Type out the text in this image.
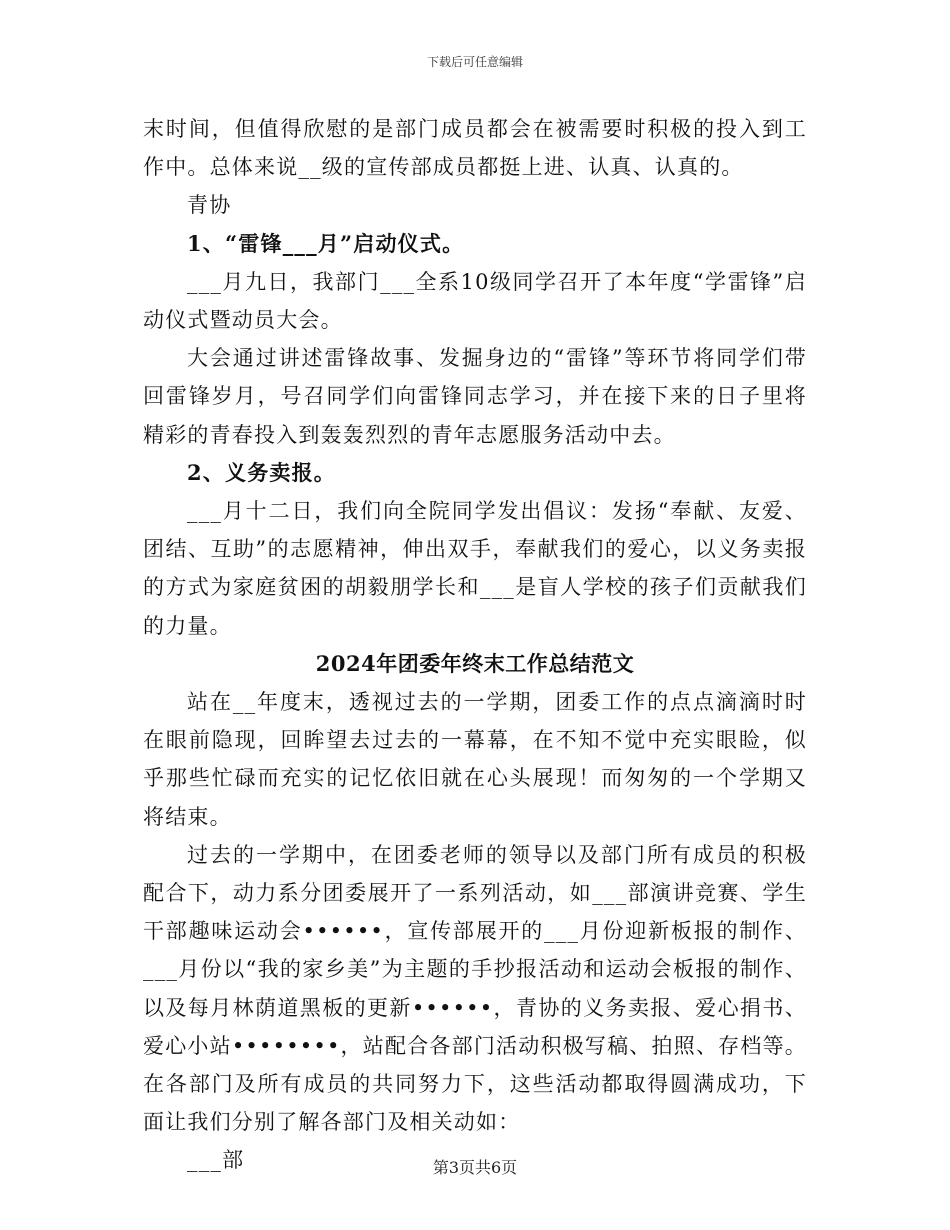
下载后可任意编辑

末时间，但值得欣慰的是部门成员都会在被需要时积极的投入到工作中。总体来说__级的宣传部成员都挺上进、认真、认真的。

青协

1、“雷锋___月”启动仪式。

___月九日，我部门___全系10级同学召开了本年度“学雷锋”启动仪式暨动员大会。

大会通过讲述雷锋故事、发掘身边的“雷锋”等环节将同学们带回雷锋岁月，号召同学们向雷锋同志学习，并在接下来的日子里将精彩的青春投入到轰轰烈烈的青年志愿服务活动中去。

2、义务卖报。

___月十二日，我们向全院同学发出倡议：发扬“奉献、友爱、团结、互助”的志愿精神，伸出双手，奉献我们的爱心，以义务卖报的方式为家庭贫困的胡毅朋学长和___是盲人学校的孩子们贡献我们的力量。

2024年团委年终末工作总结范文

站在__年度末，透视过去的一学期，团委工作的点点滴滴时时在眼前隐现，回眸望去过去的一幕幕，在不知不觉中充实眼睑，似乎那些忙碌而充实的记忆依旧就在心头展现！而匆匆的一个学期又将结束。

过去的一学期中，在团委老师的领导以及部门所有成员的积极配合下，动力系分团委展开了一系列活动，如___部演讲竞赛、学生干部趣味运动会••••••，宣传部展开的___月份迎新板报的制作、___月份以“我的家乡美”为主题的手抄报活动和运动会板报的制作、以及每月林荫道黑板的更新••••••，青协的义务卖报、爱心捐书、爱心小站••••••••，站配合各部门活动积极写稿、拍照、存档等。在各部门及所有成员的共同努力下，这些活动都取得圆满成功，下面让我们分别了解各部门及相关动如：

___部	第3页共6页
